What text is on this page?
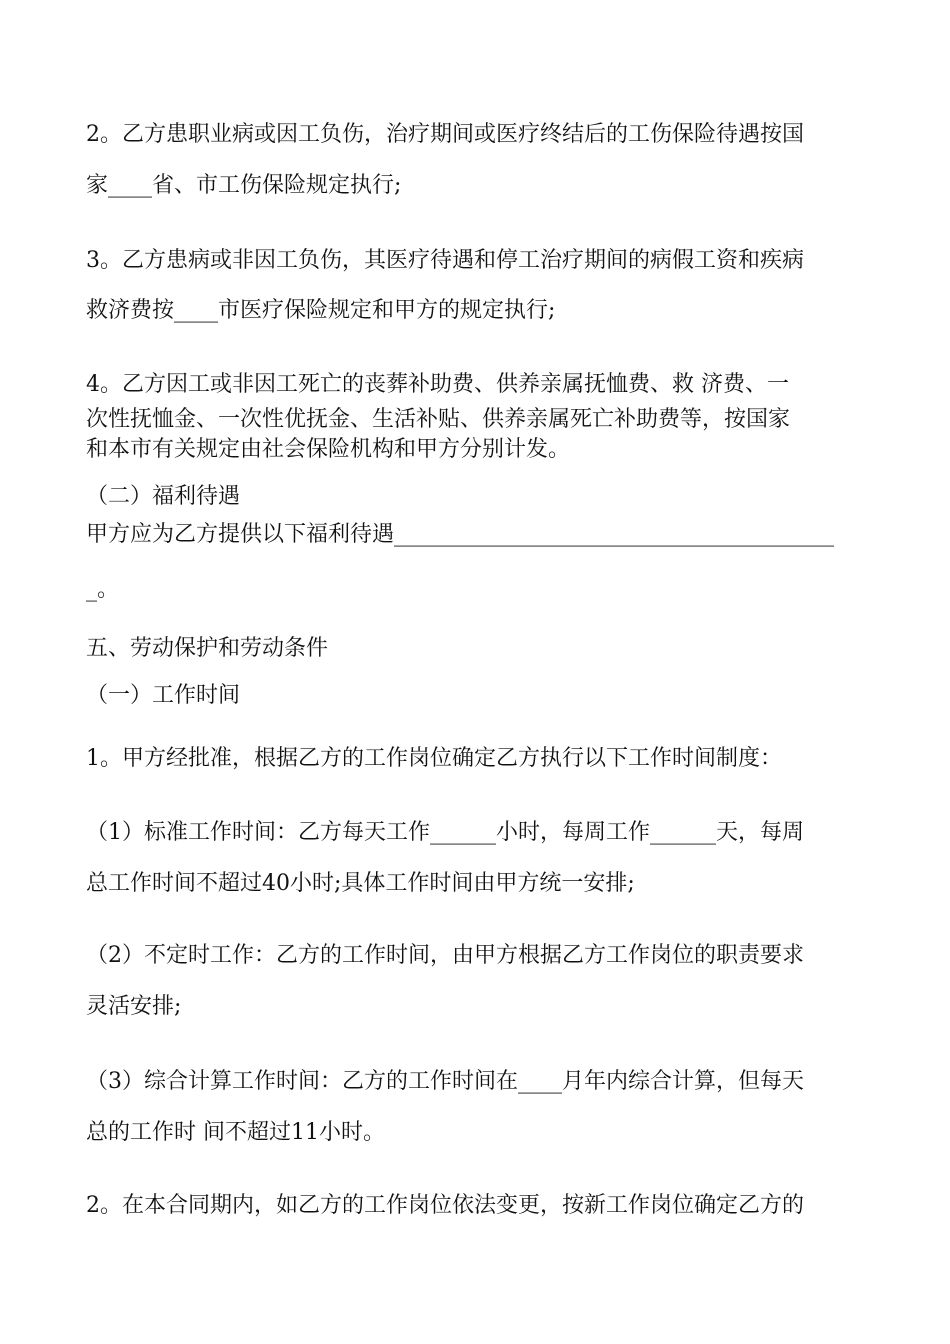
2。乙方患职业病或因工负伤，治疗期间或医疗终结后的工伤保险待遇按国
家____省、市工伤保险规定执行;
3。乙方患病或非因工负伤，其医疗待遇和停工治疗期间的病假工资和疾病
救济费按____市医疗保险规定和甲方的规定执行;
4。乙方因工或非因工死亡的丧葬补助费、供养亲属抚恤费、救 济费、一
次性抚恤金、一次性优抚金、生活补贴、供养亲属死亡补助费等，按国家
和本市有关规定由社会保险机构和甲方分别计发。
（二）福利待遇
甲方应为乙方提供以下福利待遇________________________________________
_。
五、劳动保护和劳动条件
（一）工作时间
1。甲方经批准，根据乙方的工作岗位确定乙方执行以下工作时间制度：
（1）标准工作时间：乙方每天工作______小时，每周工作______天，每周
总工作时间不超过40小时;具体工作时间由甲方统一安排;
（2）不定时工作：乙方的工作时间，由甲方根据乙方工作岗位的职责要求
灵活安排;
（3）综合计算工作时间：乙方的工作时间在____月年内综合计算，但每天
总的工作时 间不超过11小时。
2。在本合同期内，如乙方的工作岗位依法变更，按新工作岗位确定乙方的
